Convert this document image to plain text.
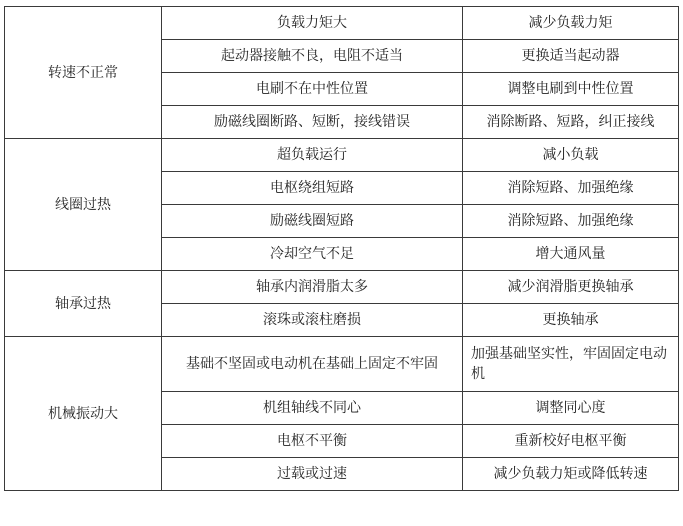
转速不正常	负载力矩大	减少负载力矩
	起动器接触不良，电阻不适当	更换适当起动器
	电刷不在中性位置	调整电刷到中性位置
	励磁线圈断路、短断，接线错误	消除断路、短路，纠正接线
线圈过热	超负载运行	减小负载
	电枢绕组短路	消除短路、加强绝缘
	励磁线圈短路	消除短路、加强绝缘
	冷却空气不足	增大通风量
轴承过热	轴承内润滑脂太多	减少润滑脂更换轴承
	滚珠或滚柱磨损	更换轴承
机械振动大	基础不坚固或电动机在基础上固定不牢固	加强基础坚实性，牢固固定电动机
	机组轴线不同心	调整同心度
	电枢不平衡	重新校好电枢平衡
	过载或过速	减少负载力矩或降低转速
